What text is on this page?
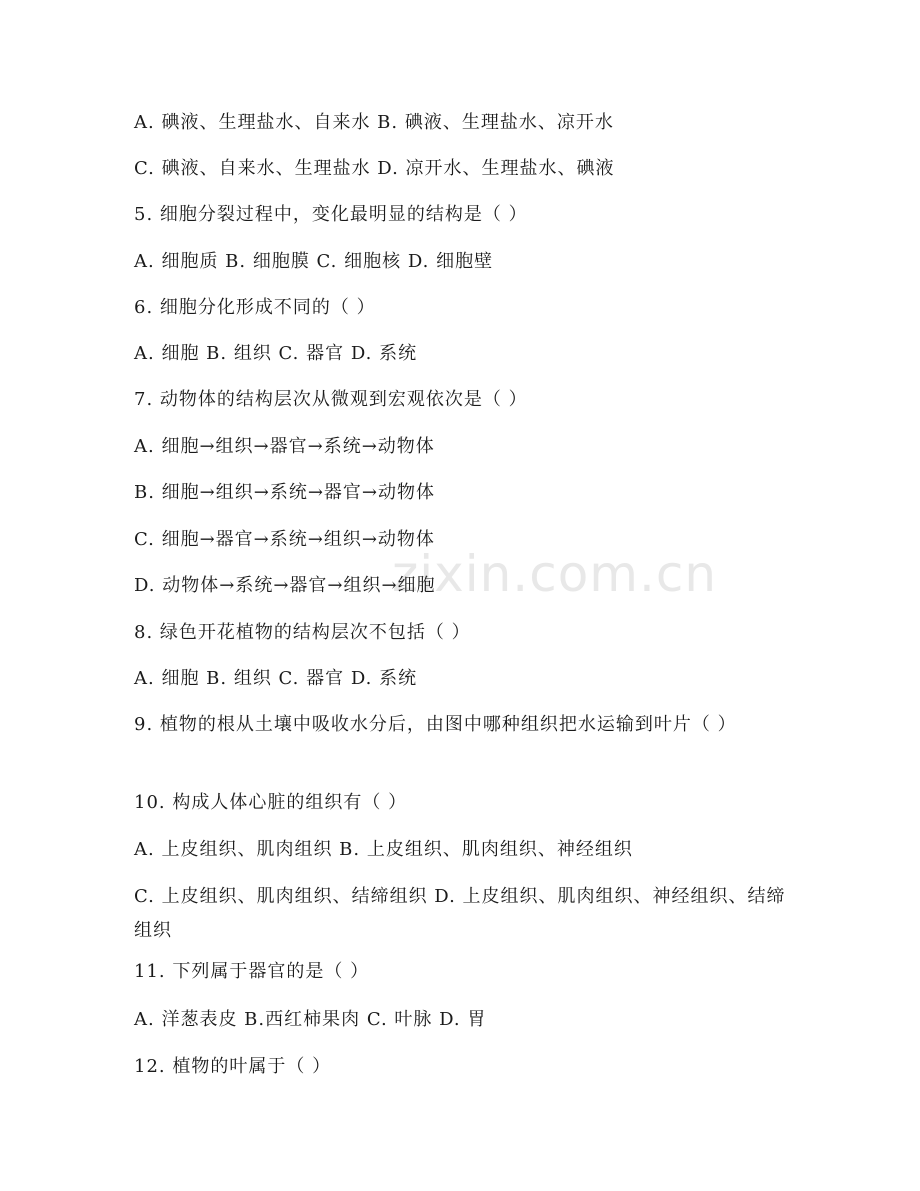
zixin.com.cn
A. 碘液、生理盐水、自来水 B. 碘液、生理盐水、凉开水
C. 碘液、自来水、生理盐水 D. 凉开水、生理盐水、碘液
5. 细胞分裂过程中，变化最明显的结构是（ ）
A. 细胞质 B. 细胞膜 C. 细胞核 D. 细胞壁
6. 细胞分化形成不同的（ ）
A. 细胞 B. 组织 C. 器官 D. 系统
7. 动物体的结构层次从微观到宏观依次是（ ）
A. 细胞→组织→器官→系统→动物体
B. 细胞→组织→系统→器官→动物体
C. 细胞→器官→系统→组织→动物体
D. 动物体→系统→器官→组织→细胞
8. 绿色开花植物的结构层次不包括（ ）
A. 细胞 B. 组织 C. 器官 D. 系统
9. 植物的根从土壤中吸收水分后，由图中哪种组织把水运输到叶片（ ）
10. 构成人体心脏的组织有（ ）
A. 上皮组织、肌肉组织 B. 上皮组织、肌肉组织、神经组织
C. 上皮组织、肌肉组织、结缔组织 D. 上皮组织、肌肉组织、神经组织、结缔组织
11. 下列属于器官的是（ ）
A. 洋葱表皮 B.西红柿果肉 C. 叶脉 D. 胃
12. 植物的叶属于（ ）
